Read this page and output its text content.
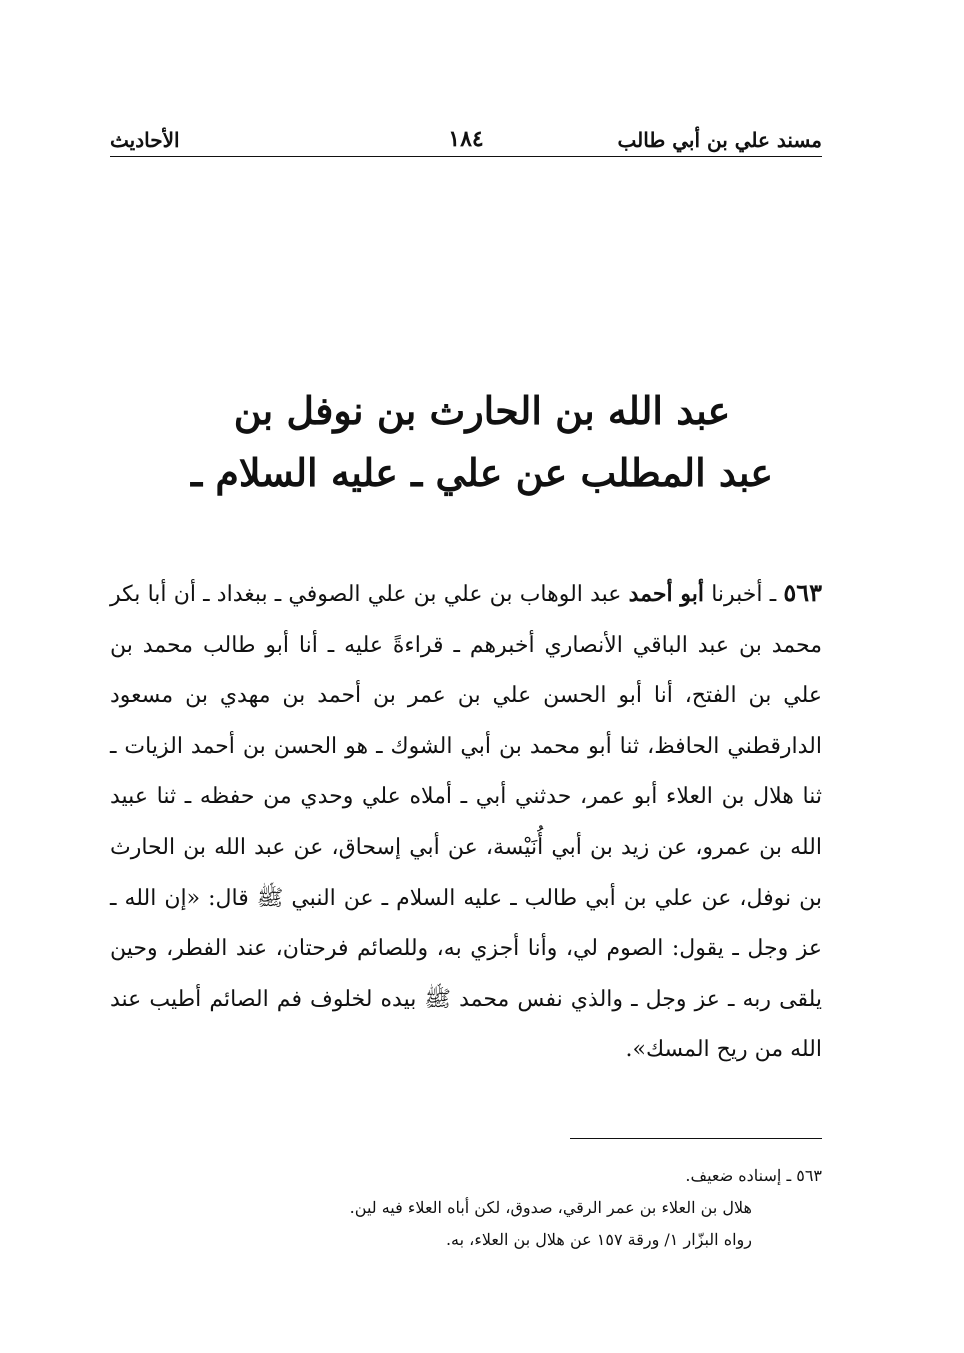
مسند علي بن أبي طالب
١٨٤
الأحاديث
عبد الله بن الحارث بن نوفل بن
عبد المطلب عن علي ـ عليه السلام ـ
٥٦٣ ـ أخبرنا أبو أحمد عبد الوهاب بن علي بن علي الصوفي ـ ببغداد ـ أن أبا بكر محمد بن عبد الباقي الأنصاري أخبرهم ـ قراءةً عليه ـ أنا أبو طالب محمد بن علي بن الفتح، أنا أبو الحسن علي بن عمر بن أحمد بن مهدي بن مسعود الدارقطني الحافظ، ثنا أبو محمد بن أبي الشوك ـ هو الحسن بن أحمد الزيات ـ ثنا هلال بن العلاء أبو عمر، حدثني أبي ـ أملاه علي وحدي من حفظه ـ ثنا عبيد الله بن عمرو، عن زيد بن أبي أُنَيْسة، عن أبي إسحاق، عن عبد الله بن الحارث بن نوفل، عن علي بن أبي طالب ـ عليه السلام ـ عن النبي ﷺ قال: «إن الله ـ عز وجل ـ يقول: الصوم لي، وأنا أجزي به، وللصائم فرحتان، عند الفطر، وحين يلقى ربه ـ عز وجل ـ والذي نفس محمد ﷺ بيده لخلوف فم الصائم أطيب عند الله من ريح المسك».
٥٦٣ ـ إسناده ضعيف.
هلال بن العلاء بن عمر الرقي، صدوق، لكن أباه العلاء فيه لين.
رواه البزّار ١/ ورقة ١٥٧ عن هلال بن العلاء، به.
